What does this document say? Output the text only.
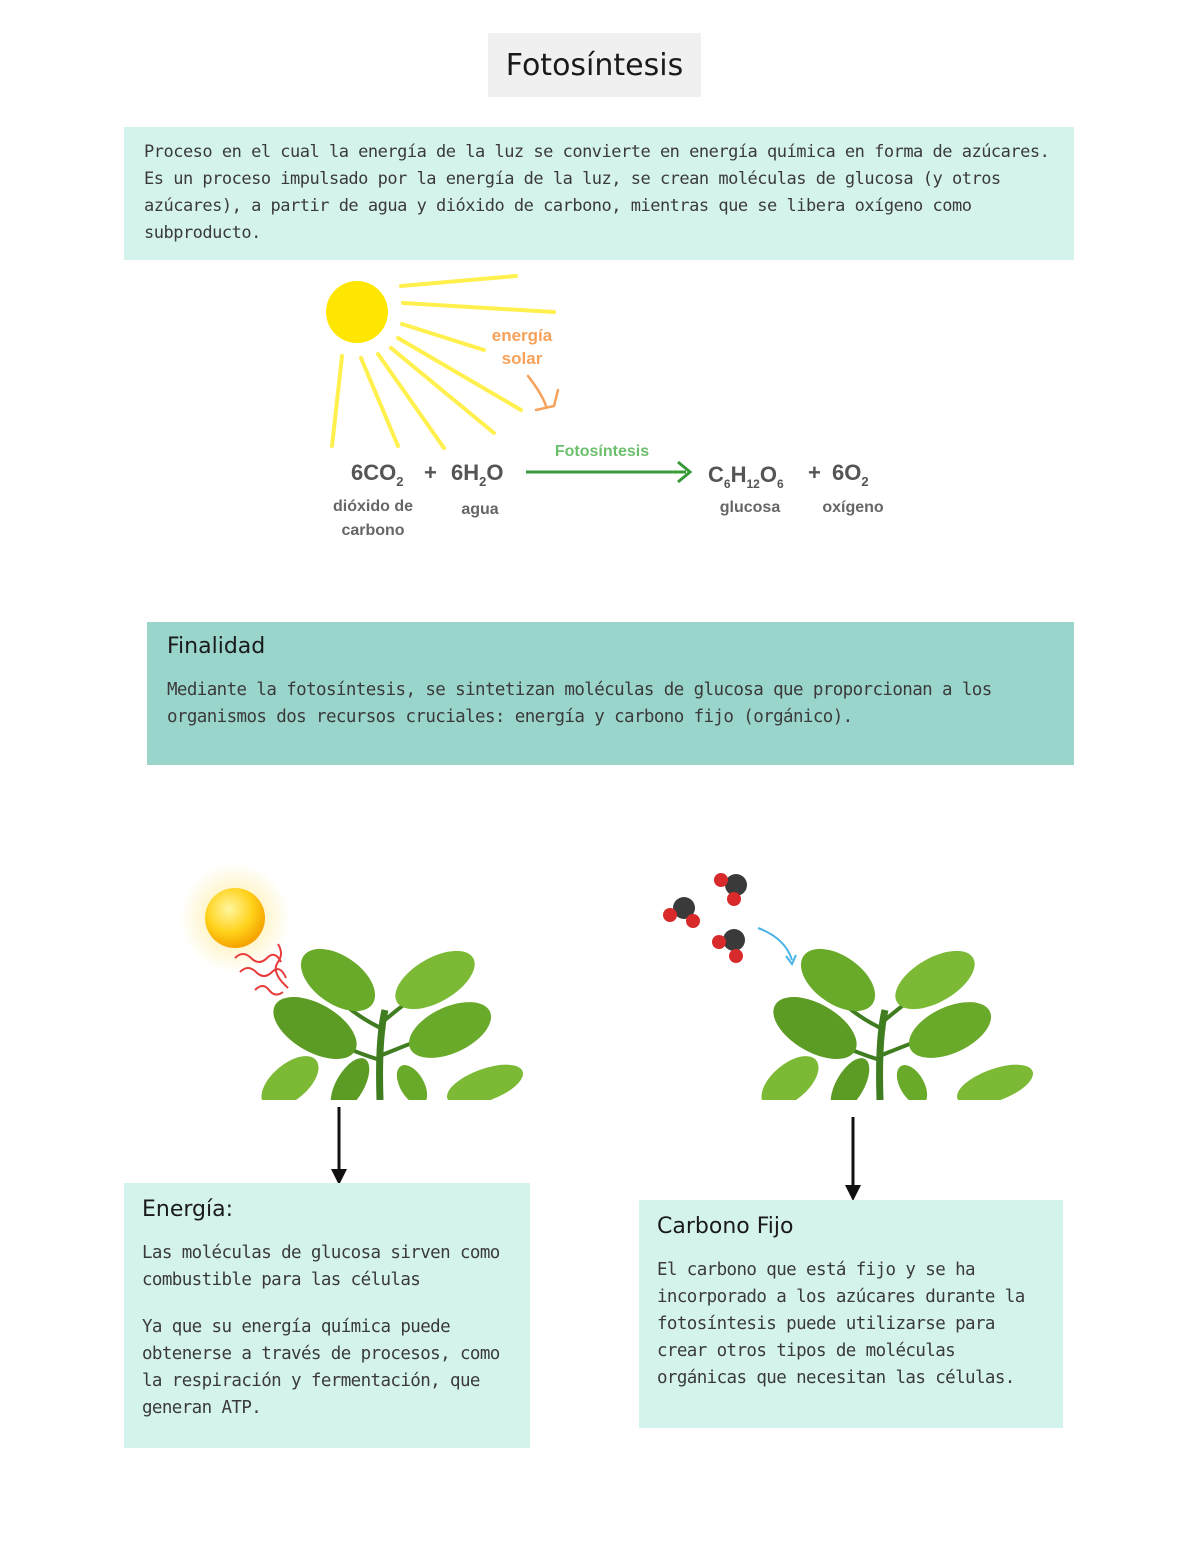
Fotosíntesis

Proceso en el cual la energía de la luz se convierte en energía química en forma de azúcares. Es un proceso impulsado por la energía de la luz, se crean moléculas de glucosa (y otros azúcares), a partir de agua y dióxido de carbono, mientras que se libera oxígeno como subproducto.

energía
solar
Fotosíntesis
$6CO_2 + 6H_2O$	$C_6H_{12}O_6 + 6O_2$
dióxido de
carbono
agua	glucosa	oxígeno
Finalidad

Mediante la fotosíntesis, se sintetizan moléculas de glucosa que proporcionan a los organismos dos recursos cruciales: energía y carbono fijo (orgánico).

Energía:

Las moléculas de glucosa sirven como combustible para las células

Ya que su energía química puede obtenerse a través de procesos, como la respiración y fermentación, que generan ATP.

Carbono Fijo

El carbono que está fijo y se ha incorporado a los azúcares durante la fotosíntesis puede utilizarse para crear otros tipos de moléculas orgánicas que necesitan las células.
